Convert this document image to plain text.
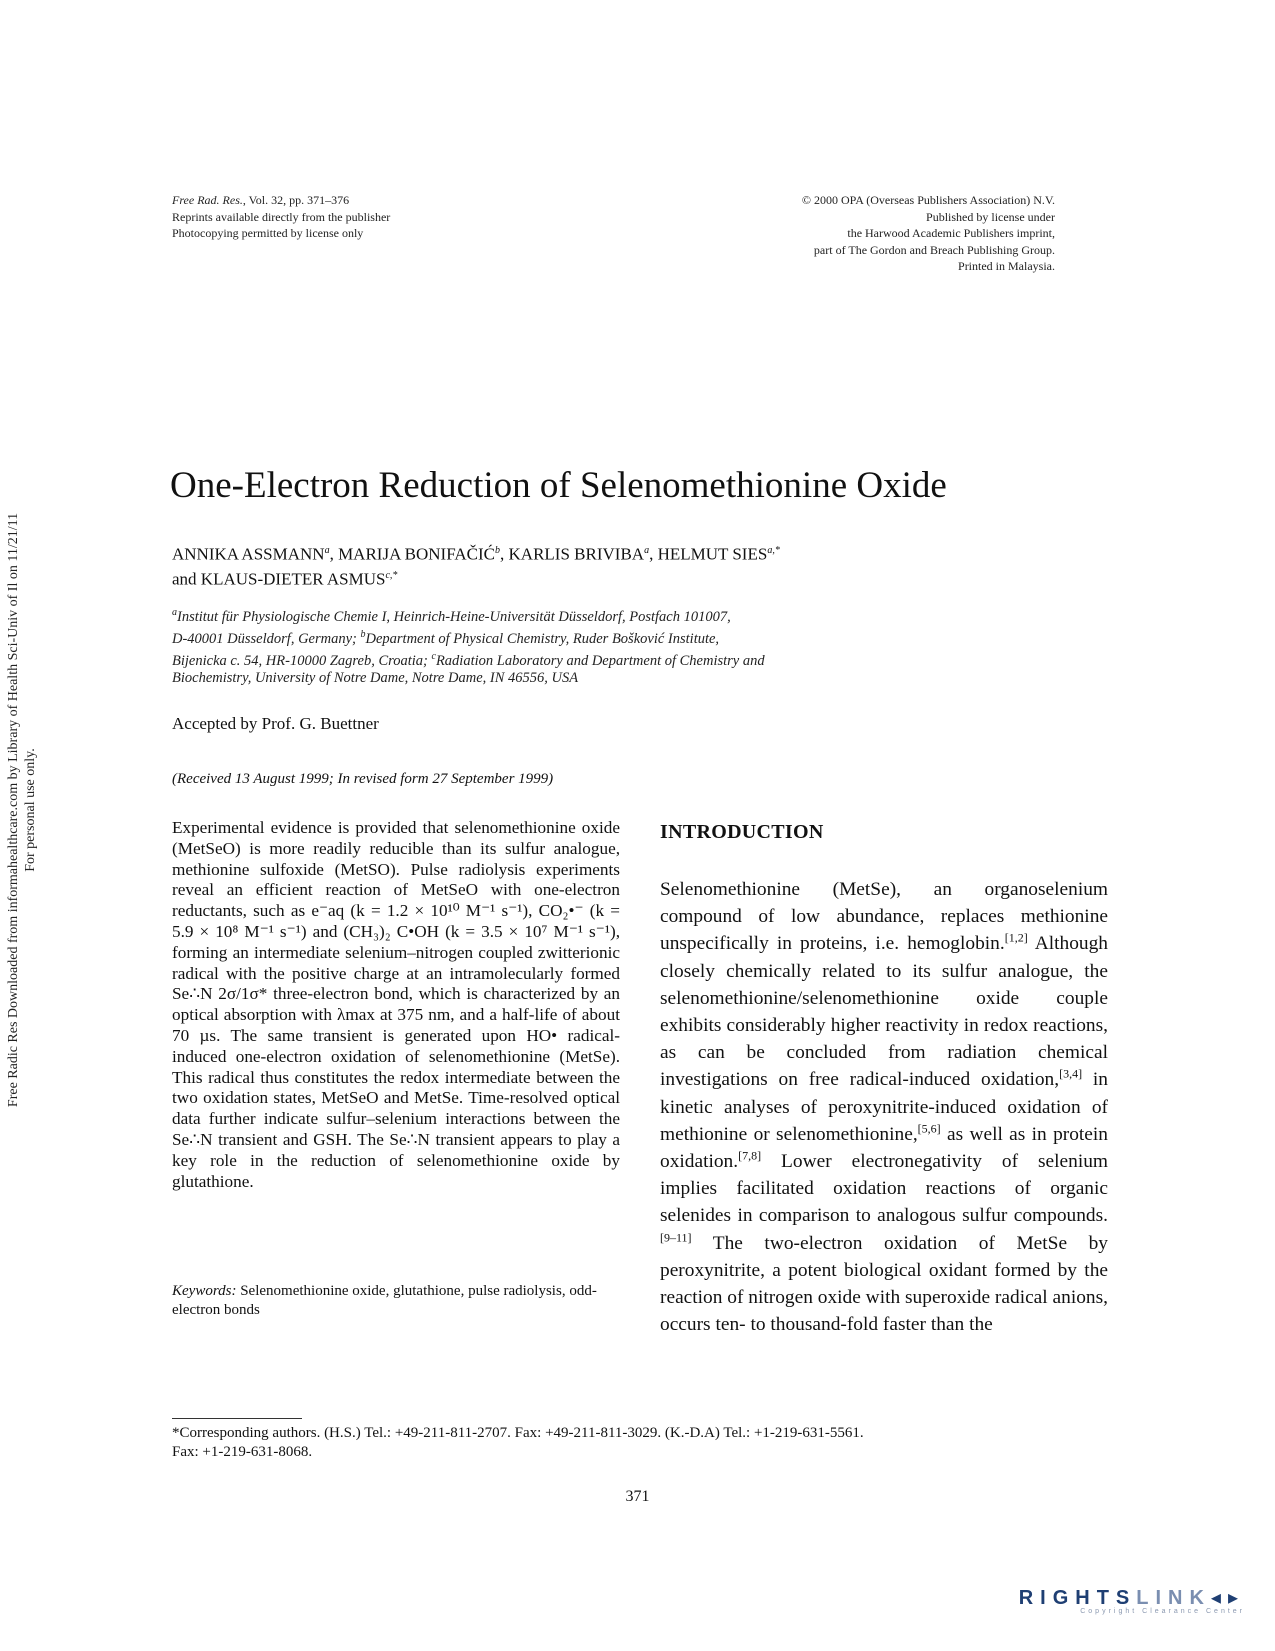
Free Rad. Res., Vol. 32, pp. 371–376
Reprints available directly from the publisher
Photocopying permitted by license only
© 2000 OPA (Overseas Publishers Association) N.V.
Published by license under
the Harwood Academic Publishers imprint,
part of The Gordon and Breach Publishing Group.
Printed in Malaysia.
Free Radic Res Downloaded from informahealthcare.com by Library of Health Sci-Univ of Il on 11/21/11 For personal use only.
One-Electron Reduction of Selenomethionine Oxide
ANNIKA ASSMANN$^a$, MARIJA BONIFAČIĆ$^b$, KARLIS BRIVIBA$^a$, HELMUT $SIES^{a,*}$
and KLAUS-DIETER $ASMUS^{c,*}$
$^a$Institut für Physiologische Chemie I, Heinrich-Heine-Universität Düsseldorf, Postfach 101007,
D-40001 Düsseldorf, Germany; $^b$Department of Physical Chemistry, Ruder Bošković Institute,
Bijenicka c. 54, HR-10000 Zagreb, Croatia; $^c$Radiation Laboratory and Department of Chemistry and
Biochemistry, University of Notre Dame, Notre Dame, IN 46556, USA
Accepted by Prof. G. Buettner
(Received 13 August 1999; In revised form 27 September 1999)
Experimental evidence is provided that selenomethionine oxide (MetSeO) is more readily reducible than its sulfur analogue, methionine sulfoxide (MetSO). Pulse radiolysis experiments reveal an efficient reaction of MetSeO with one-electron reductants, such as e⁻aq (k = 1.2 × 10¹⁰ M⁻¹ s⁻¹), CO₂•⁻ (k = 5.9 × 10⁸ M⁻¹ s⁻¹) and (CH₃)₂ C•OH (k = 3.5 × 10⁷ M⁻¹ s⁻¹), forming an intermediate selenium–nitrogen coupled zwitterionic radical with the positive charge at an intramolecularly formed Se∴N 2σ/1σ* three-electron bond, which is characterized by an optical absorption with λmax at 375 nm, and a half-life of about 70 µs. The same transient is generated upon HO• radical-induced one-electron oxidation of selenomethionine (MetSe). This radical thus constitutes the redox intermediate between the two oxidation states, MetSeO and MetSe. Time-resolved optical data further indicate sulfur–selenium interactions between the Se∴N transient and GSH. The Se∴N transient appears to play a key role in the reduction of selenomethionine oxide by glutathione.
Keywords: Selenomethionine oxide, glutathione, pulse radiolysis, odd-electron bonds
INTRODUCTION
Selenomethionine (MetSe), an organoselenium compound of low abundance, replaces methionine unspecifically in proteins, i.e. hemoglobin.[1,2] Although closely chemically related to its sulfur analogue, the selenomethionine/selenomethionine oxide couple exhibits considerably higher reactivity in redox reactions, as can be concluded from radiation chemical investigations on free radical-induced oxidation,[3,4] in kinetic analyses of peroxynitrite-induced oxidation of methionine or selenomethionine,[5,6] as well as in protein oxidation.[7,8] Lower electronegativity of selenium implies facilitated oxidation reactions of organic selenides in comparison to analogous sulfur compounds.[9–11] The two-electron oxidation of MetSe by peroxynitrite, a potent biological oxidant formed by the reaction of nitrogen oxide with superoxide radical anions, occurs ten- to thousand-fold faster than the
*Corresponding authors. (H.S.) Tel.: +49-211-811-2707. Fax: +49-211-811-3029. (K.-D.A) Tel.: +1-219-631-5561.
Fax: +1-219-631-8068.
371
RIGHTSLINK◂▸
Copyright Clearance Center
